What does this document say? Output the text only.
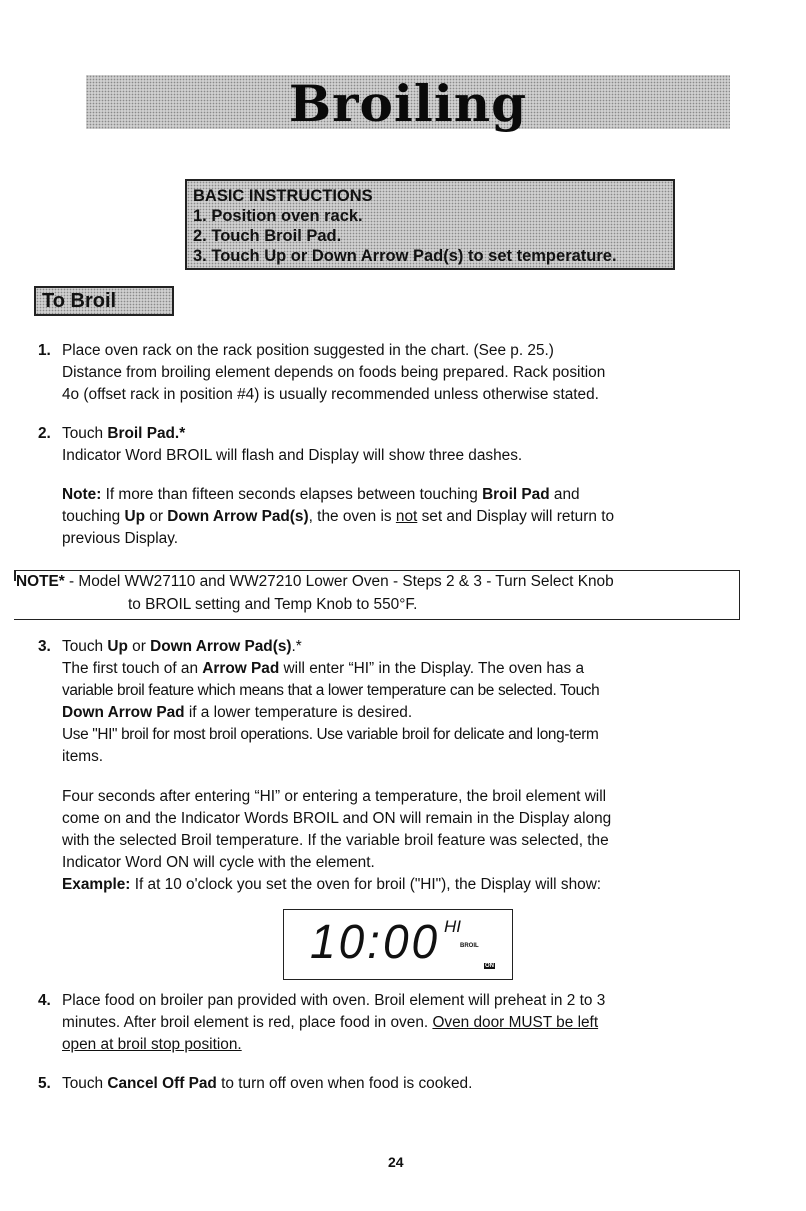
Broiling
BASIC INSTRUCTIONS
1. Position oven rack.
2. Touch Broil Pad.
3. Touch Up or Down Arrow Pad(s) to set temperature.
To Broil
1. Place oven rack on the rack position suggested in the chart. (See p. 25.)

Distance from broiling element depends on foods being prepared. Rack position

4o (offset rack in position #4) is usually recommended unless otherwise stated.

2. Touch Broil Pad.*

Indicator Word BROIL will flash and Display will show three dashes.

Note: If more than fifteen seconds elapses between touching Broil Pad and

touching Up or Down Arrow Pad(s), the oven is not set and Display will return to

previous Display.

NOTE* - Model WW27110 and WW27210 Lower Oven - Steps 2 & 3 - Turn Select Knob
to BROIL setting and Temp Knob to 550°F.
3. Touch Up or Down Arrow Pad(s).*

The first touch of an Arrow Pad will enter “HI” in the Display. The oven has a

variable broil feature which means that a lower temperature can be selected. Touch

Down Arrow Pad if a lower temperature is desired.

Use "HI" broil for most broil operations. Use variable broil for delicate and long-term

items.

Four seconds after entering “HI” or entering a temperature, the broil element will

come on and the Indicator Words BROIL and ON will remain in the Display along

with the selected Broil temperature. If the variable broil feature was selected, the

Indicator Word ON will cycle with the element.

Example: If at 10 o'clock you set the oven for broil ("HI"), the Display will show:

10:00 HI
BROIL
ON
4. Place food on broiler pan provided with oven. Broil element will preheat in 2 to 3

minutes. After broil element is red, place food in oven. Oven door MUST be left

open at broil stop position.

5. Touch Cancel Off Pad to turn off oven when food is cooked.

24
